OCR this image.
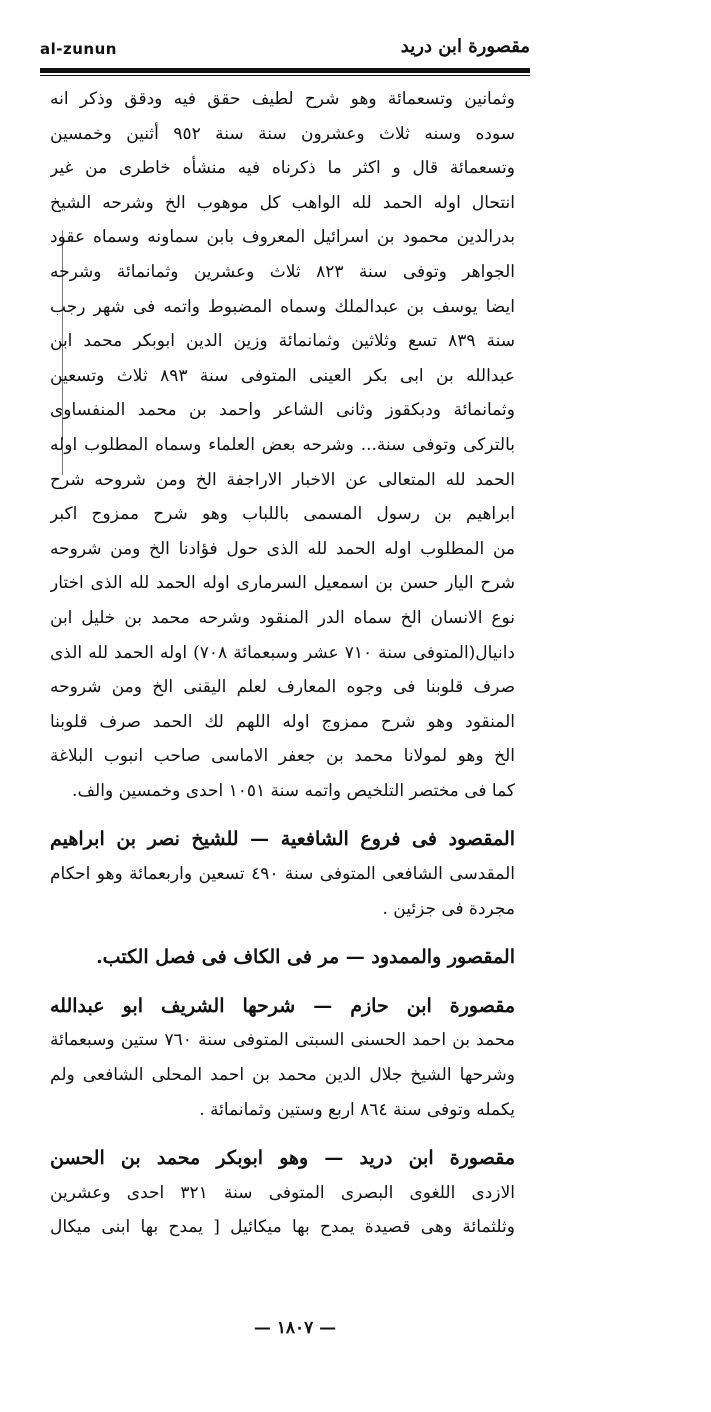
al-zunun	مقصورة ابن دريد
وثمانين وتسعمائة وهو شرح لطيف حقق فيه ودقق وذكر انه
سوده وسنه ثلاث وعشرون سنة سنة ٩٥٢ أثنين وخمسين
وتسعمائة قال و اكثر ما ذكرناه فيه منشأه خاطرى من غير
انتحال اوله الحمد لله الواهب كل موهوب الخ وشرحه الشيخ
بدرالدين محمود بن اسرائيل المعروف بابن سماونه وسماه عقود
الجواهر وتوفى سنة ٨٢٣ ثلاث وعشرين وثمانمائة وشرحه
ايضا يوسف بن عبدالملك وسماه المضبوط واتمه فى شهر رجب
سنة ٨٣٩ تسع وثلاثين وثمانمائة وزين الدين ابوبكر محمد ابن
عبدالله بن ابى بكر العينى المتوفى سنة ٨٩٣ ثلاث وتسعين
وثمانمائة ودبكقوز وثانى الشاعر واحمد بن محمد المنفساوى
بالتركى وتوفى سنة... وشرحه بعض العلماء وسماه المطلوب اوله
الحمد لله المتعالى عن الاخبار الاراجفة الخ ومن شروحه شرح
ابراهيم بن رسول المسمى باللباب وهو شرح ممزوج اكبر
من المطلوب اوله الحمد لله الذى حول فؤادنا الخ ومن شروحه
شرح اليار حسن بن اسمعيل السرمارى اوله الحمد لله الذى اختار
نوع الانسان الخ سماه الدر المنقود وشرحه محمد بن خليل ابن
دانيال(المتوفى سنة ٧١٠ عشر وسبعمائة ٧٠٨) اوله الحمد لله الذى
صرف قلوبنا فى وجوه المعارف لعلم اليقنى الخ ومن شروحه
المنقود وهو شرح ممزوج اوله اللهم لك الحمد صرف قلوبنا
الخ وهو لمولانا محمد بن جعفر الاماسى صاحب انبوب البلاغة
كما فى مختصر التلخيص واتمه سنة ١٠٥١ احدى وخمسين والف.
المقصود فى فروع الشافعية — للشيخ نصر بن ابراهيم
المقدسى الشافعى المتوفى سنة ٤٩٠ تسعين واربعمائة وهو احكام
مجردة فى جزئين .
المقصور والممدود — مر فى الكاف فى فصل الكتب.
مقصورة ابن حازم — شرحها الشريف ابو عبدالله
محمد بن احمد الحسنى السبتى المتوفى سنة ٧٦٠ ستين وسبعمائة
وشرحها الشيخ جلال الدين محمد بن احمد المحلى الشافعى ولم
يكمله وتوفى سنة ٨٦٤ اربع وستين وثمانمائة .
مقصورة ابن دريد — وهو ابوبكر محمد بن الحسن
الازدى اللغوى البصرى المتوفى سنة ٣٢١ احدى وعشرين
وثلثمائة وهى قصيدة يمدح بها ميكائيل [ يمدح بها ابنى ميكال
— ١٨٠٧ —
